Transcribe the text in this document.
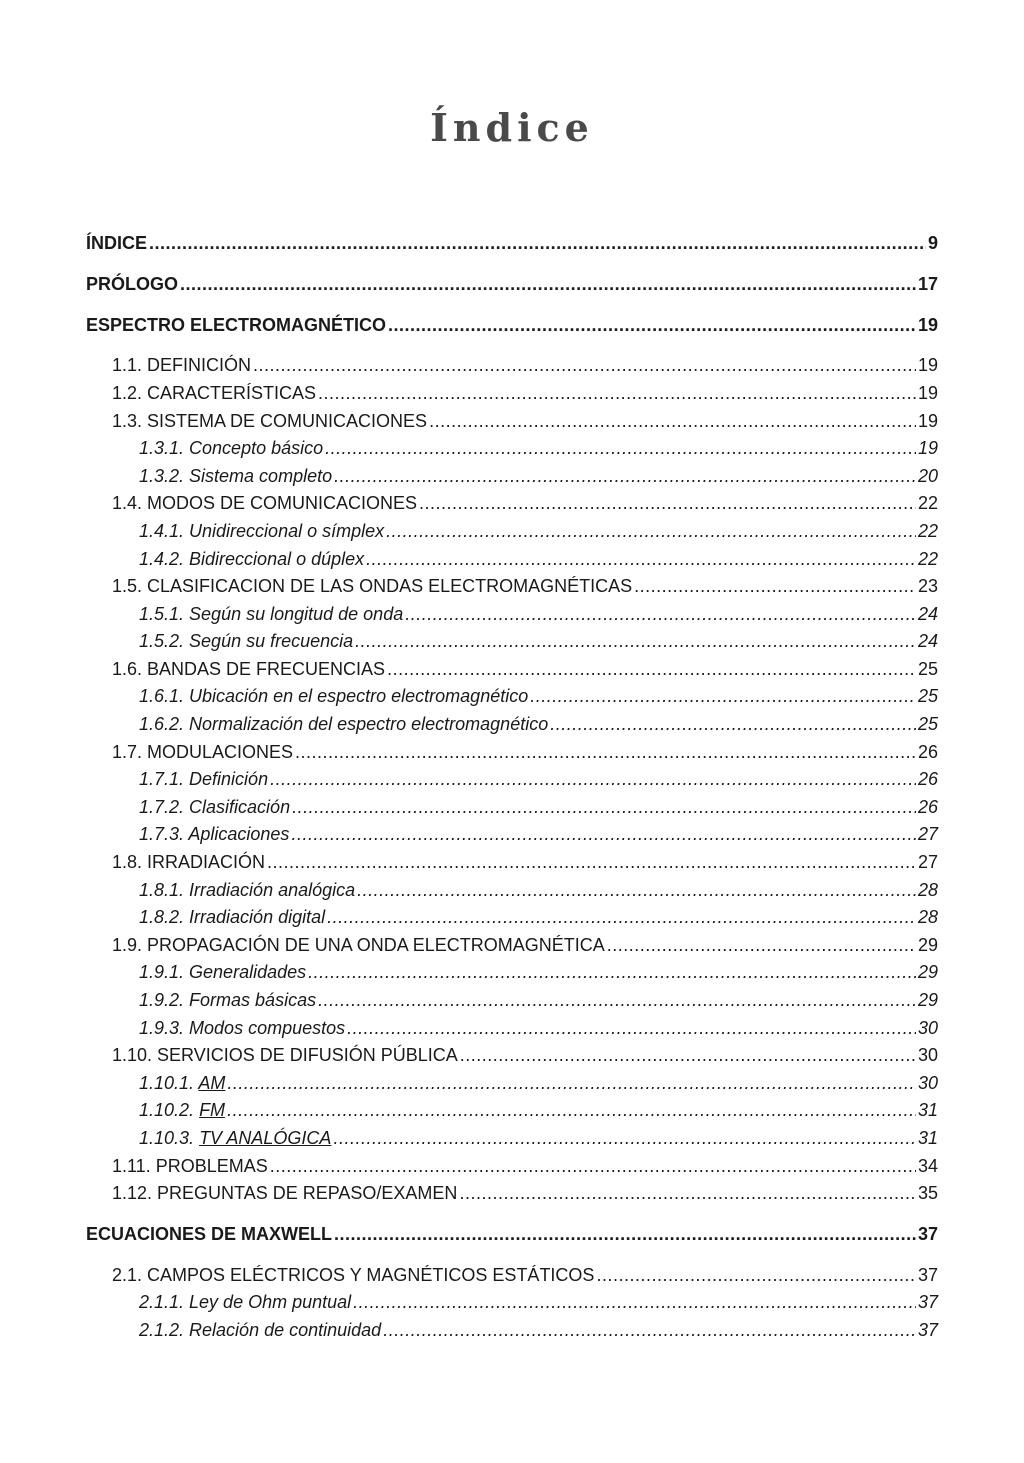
Índice
ÍNDICE .....	9
PRÓLOGO .....	17
ESPECTRO ELECTROMAGNÉTICO .....	19
1.1. DEFINICIÓN .....	19
1.2. CARACTERÍSTICAS .....	19
1.3. SISTEMA DE COMUNICACIONES .....	19
1.3.1. Concepto básico .....	19
1.3.2. Sistema completo .....	20
1.4. MODOS DE COMUNICACIONES .....	22
1.4.1. Unidireccional o símplex .....	22
1.4.2. Bidireccional o dúplex .....	22
1.5. CLASIFICACION DE LAS ONDAS ELECTROMAGNÉTICAS .....	23
1.5.1. Según su longitud de onda .....	24
1.5.2. Según su frecuencia .....	24
1.6. BANDAS DE FRECUENCIAS .....	25
1.6.1. Ubicación en el espectro electromagnético .....	25
1.6.2. Normalización del espectro electromagnético .....	25
1.7. MODULACIONES .....	26
1.7.1. Definición .....	26
1.7.2. Clasificación .....	26
1.7.3. Aplicaciones .....	27
1.8. IRRADIACIÓN .....	27
1.8.1. Irradiación analógica .....	28
1.8.2. Irradiación digital .....	28
1.9. PROPAGACIÓN DE UNA ONDA ELECTROMAGNÉTICA .....	29
1.9.1. Generalidades .....	29
1.9.2. Formas básicas .....	29
1.9.3. Modos compuestos .....	30
1.10. SERVICIOS DE DIFUSIÓN PÚBLICA .....	30
1.10.1. AM .....	30
1.10.2. FM .....	31
1.10.3. TV ANALÓGICA .....	31
1.11. PROBLEMAS .....	34
1.12. PREGUNTAS DE REPASO/EXAMEN .....	35
ECUACIONES DE MAXWELL .....	37
2.1. CAMPOS ELÉCTRICOS Y MAGNÉTICOS ESTÁTICOS .....	37
2.1.1. Ley de Ohm puntual .....	37
2.1.2. Relación de continuidad .....	37
